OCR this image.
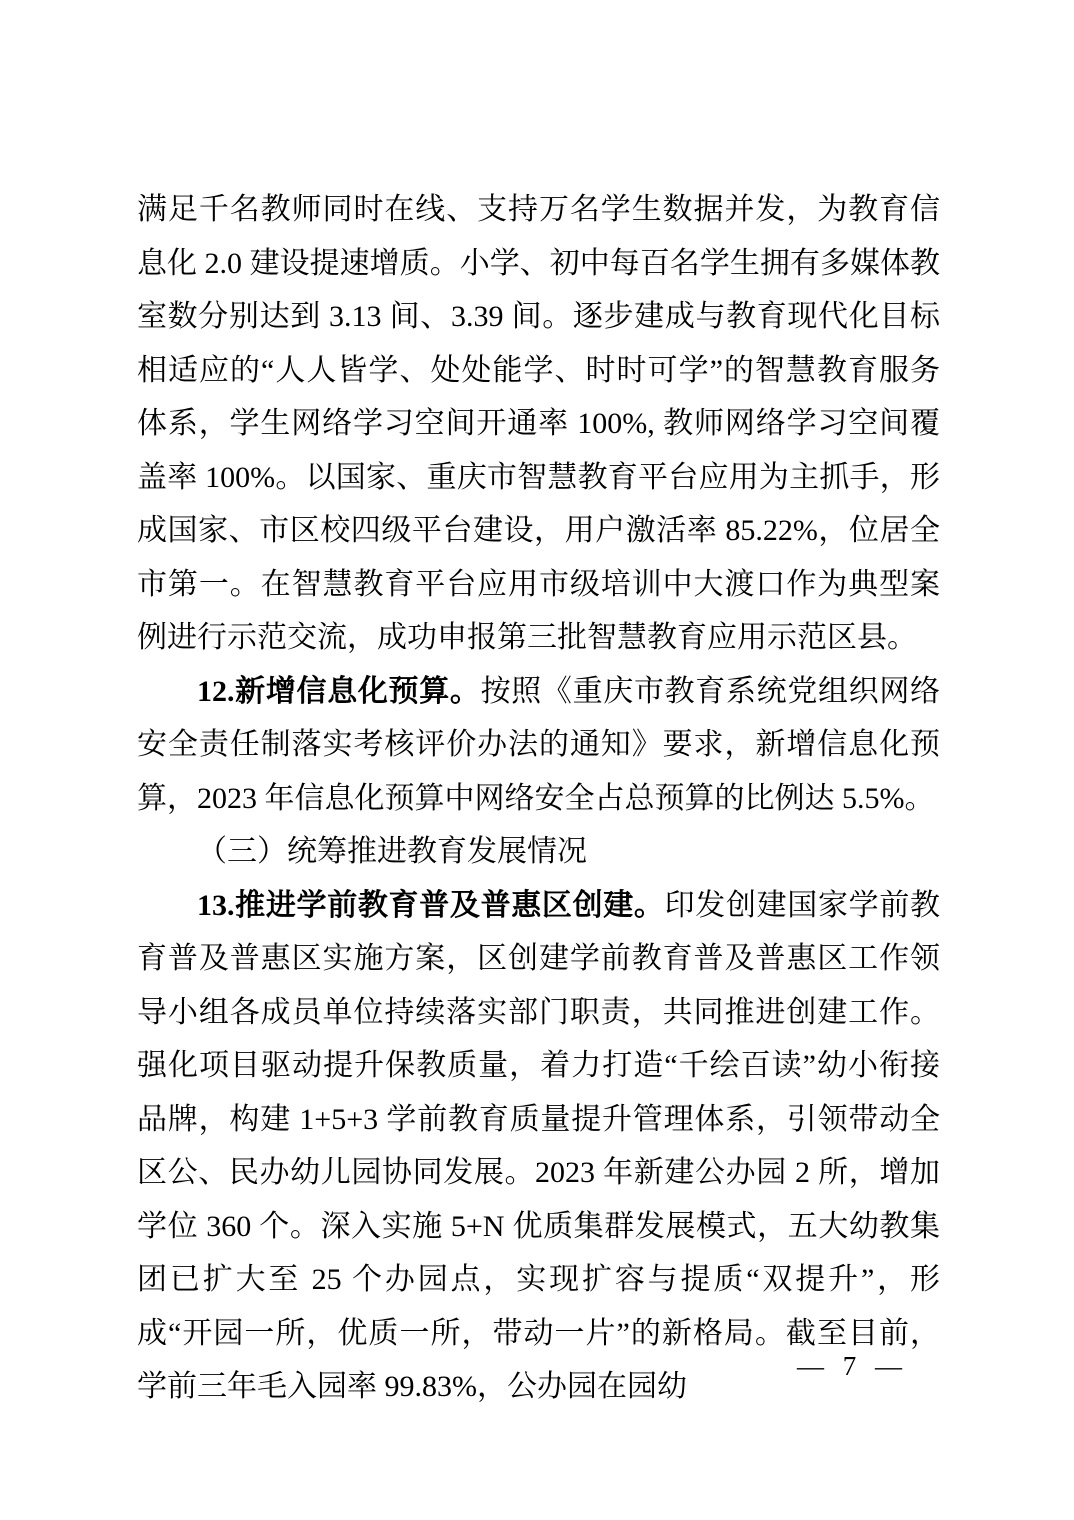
满足千名教师同时在线、支持万名学生数据并发，为教育信息化 2.0 建设提速增质。小学、初中每百名学生拥有多媒体教室数分别达到 3.13 间、3.39 间。逐步建成与教育现代化目标相适应的“人人皆学、处处能学、时时可学”的智慧教育服务体系，学生网络学习空间开通率 100%, 教师网络学习空间覆盖率 100%。以国家、重庆市智慧教育平台应用为主抓手，形成国家、市区校四级平台建设，用户激活率 85.22%，位居全市第一。在智慧教育平台应用市级培训中大渡口作为典型案例进行示范交流，成功申报第三批智慧教育应用示范区县。

12.新增信息化预算。按照《重庆市教育系统党组织网络安全责任制落实考核评价办法的通知》要求，新增信息化预算，2023 年信息化预算中网络安全占总预算的比例达 5.5%。

（三）统筹推进教育发展情况

13.推进学前教育普及普惠区创建。印发创建国家学前教育普及普惠区实施方案，区创建学前教育普及普惠区工作领导小组各成员单位持续落实部门职责，共同推进创建工作。强化项目驱动提升保教质量，着力打造“千绘百读”幼小衔接品牌，构建 1+5+3 学前教育质量提升管理体系，引领带动全区公、民办幼儿园协同发展。2023 年新建公办园 2 所，增加学位 360 个。深入实施 5+N 优质集群发展模式，五大幼教集团已扩大至 25 个办园点，实现扩容与提质“双提升”，形成“开园一所，优质一所，带动一片”的新格局。截至目前，学前三年毛入园率 99.83%，公办园在园幼

— 7 —
